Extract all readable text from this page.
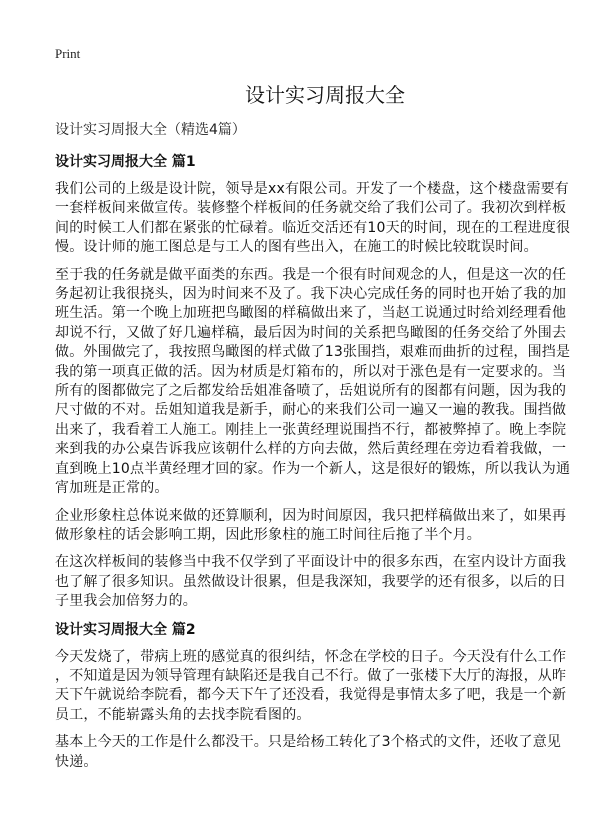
Print
设计实习周报大全
设计实习周报大全（精选4篇）
设计实习周报大全 篇1
我们公司的上级是设计院，领导是xx有限公司。开发了一个楼盘，这个楼盘需要有
一套样板间来做宣传。装修整个样板间的任务就交给了我们公司了。我初次到样板
间的时候工人们都在紧张的忙碌着。临近交活还有10天的时间，现在的工程进度很
慢。设计师的施工图总是与工人的图有些出入，在施工的时候比较耽误时间。
至于我的任务就是做平面类的东西。我是一个很有时间观念的人，但是这一次的任
务起初让我很挠头，因为时间来不及了。我下决心完成任务的同时也开始了我的加
班生活。第一个晚上加班把鸟瞰图的样稿做出来了，当赵工说通过时给刘经理看他
却说不行，又做了好几遍样稿，最后因为时间的关系把鸟瞰图的任务交给了外围去
做。外围做完了，我按照鸟瞰图的样式做了13张围挡，艰难而曲折的过程，围挡是
我的第一项真正做的活。因为材质是灯箱布的，所以对于涨色是有一定要求的。当
所有的图都做完了之后都发给岳姐准备喷了，岳姐说所有的图都有问题，因为我的
尺寸做的不对。岳姐知道我是新手，耐心的来我们公司一遍又一遍的教我。围挡做
出来了，我看着工人施工。刚挂上一张黄经理说围挡不行，都被弊掉了。晚上李院
来到我的办公桌告诉我应该朝什么样的方向去做，然后黄经理在旁边看着我做，一
直到晚上10点半黄经理才回的家。作为一个新人，这是很好的锻炼，所以我认为通
宵加班是正常的。
企业形象柱总体说来做的还算顺利，因为时间原因，我只把样稿做出来了，如果再
做形象柱的话会影响工期，因此形象柱的施工时间往后拖了半个月。
在这次样板间的装修当中我不仅学到了平面设计中的很多东西，在室内设计方面我
也了解了很多知识。虽然做设计很累，但是我深知，我要学的还有很多，以后的日
子里我会加倍努力的。
设计实习周报大全 篇2
今天发烧了，带病上班的感觉真的很纠结，怀念在学校的日子。今天没有什么工作
，不知道是因为领导管理有缺陷还是我自己不行。做了一张楼下大厅的海报，从昨
天下午就说给李院看，都今天下午了还没看，我觉得是事情太多了吧，我是一个新
员工，不能崭露头角的去找李院看图的。
基本上今天的工作是什么都没干。只是给杨工转化了3个格式的文件，还收了意见
快递。
